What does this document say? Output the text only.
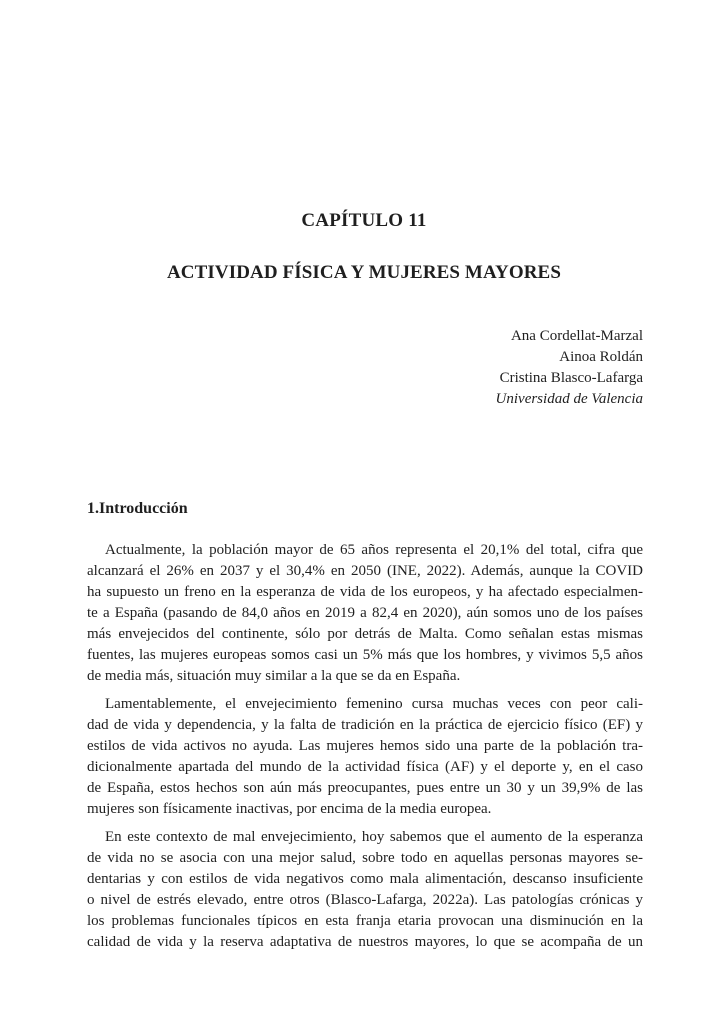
CAPÍTULO 11
ACTIVIDAD FÍSICA Y MUJERES MAYORES
Ana Cordellat-Marzal
Ainoa Roldán
Cristina Blasco-Lafarga
Universidad de Valencia
1.Introducción

Actualmente, la población mayor de 65 años representa el 20,1% del total, cifra que
alcanzará el 26% en 2037 y el 30,4% en 2050 (INE, 2022). Además, aunque la COVID
ha supuesto un freno en la esperanza de vida de los europeos, y ha afectado especialmen-
te a España (pasando de 84,0 años en 2019 a 82,4 en 2020), aún somos uno de los países
más envejecidos del continente, sólo por detrás de Malta. Como señalan estas mismas
fuentes, las mujeres europeas somos casi un 5% más que los hombres, y vivimos 5,5 años
de media más, situación muy similar a la que se da en España.

Lamentablemente, el envejecimiento femenino cursa muchas veces con peor cali-
dad de vida y dependencia, y la falta de tradición en la práctica de ejercicio físico (EF) y
estilos de vida activos no ayuda. Las mujeres hemos sido una parte de la población tra-
dicionalmente apartada del mundo de la actividad física (AF) y el deporte y, en el caso
de España, estos hechos son aún más preocupantes, pues entre un 30 y un 39,9% de las
mujeres son físicamente inactivas, por encima de la media europea.

En este contexto de mal envejecimiento, hoy sabemos que el aumento de la esperanza
de vida no se asocia con una mejor salud, sobre todo en aquellas personas mayores se-
dentarias y con estilos de vida negativos como mala alimentación, descanso insuficiente
o nivel de estrés elevado, entre otros (Blasco-Lafarga, 2022a). Las patologías crónicas y
los problemas funcionales típicos en esta franja etaria provocan una disminución en la
calidad de vida y la reserva adaptativa de nuestros mayores, lo que se acompaña de un
